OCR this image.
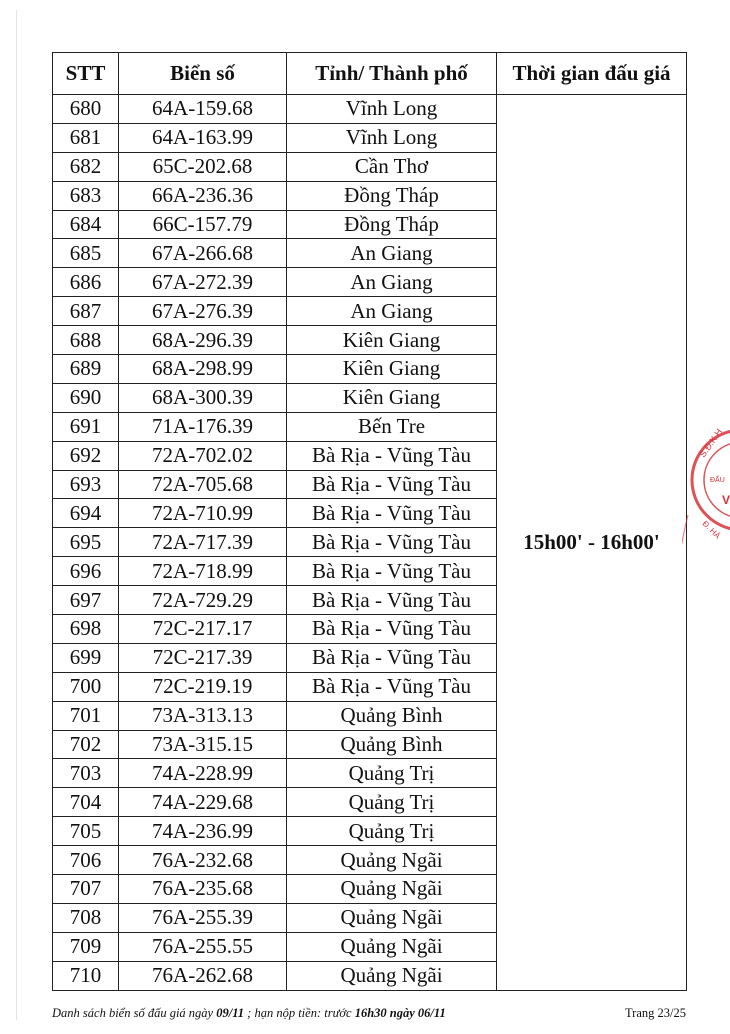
STT	Biển số	Tỉnh/ Thành phố	Thời gian đấu giá
680	64A-159.68	Vĩnh Long	15h00' - 16h00'
681	64A-163.99	Vĩnh Long	
682	65C-202.68	Cần Thơ	
683	66A-236.36	Đồng Tháp	
684	66C-157.79	Đồng Tháp	
685	67A-266.68	An Giang	
686	67A-272.39	An Giang	
687	67A-276.39	An Giang	
688	68A-296.39	Kiên Giang	
689	68A-298.99	Kiên Giang	
690	68A-300.39	Kiên Giang	
691	71A-176.39	Bến Tre	
692	72A-702.02	Bà Rịa - Vũng Tàu	
693	72A-705.68	Bà Rịa - Vũng Tàu	
694	72A-710.99	Bà Rịa - Vũng Tàu	
695	72A-717.39	Bà Rịa - Vũng Tàu	
696	72A-718.99	Bà Rịa - Vũng Tàu	
697	72A-729.29	Bà Rịa - Vũng Tàu	
698	72C-217.17	Bà Rịa - Vũng Tàu	
699	72C-217.39	Bà Rịa - Vũng Tàu	
700	72C-219.19	Bà Rịa - Vũng Tàu	
701	73A-313.13	Quảng Bình	
702	73A-315.15	Quảng Bình	
703	74A-228.99	Quảng Trị	
704	74A-229.68	Quảng Trị	
705	74A-236.99	Quảng Trị	
706	76A-232.68	Quảng Ngãi	
707	76A-235.68	Quảng Ngãi	
708	76A-255.39	Quảng Ngãi	
709	76A-255.55	Quảng Ngãi	
710	76A-262.68	Quảng Ngãi	
S.Đ.K.H
ĐẤU
V
Đ. HÀ
Danh sách biển số đấu giá ngày 09/11 ; hạn nộp tiền: trước 16h30 ngày 06/11	Trang 23/25
